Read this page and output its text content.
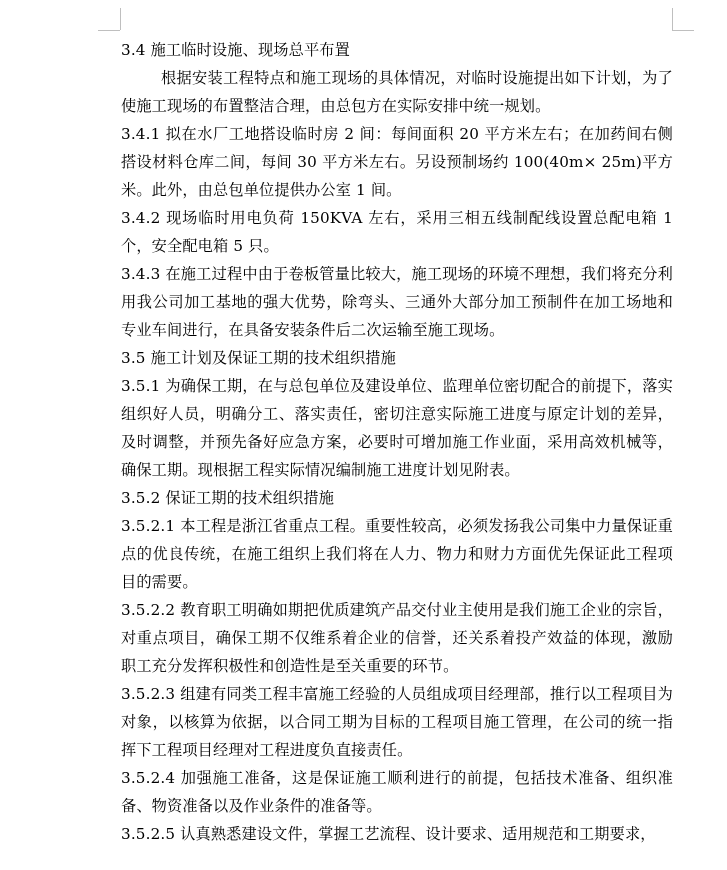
3.4 施工临时设施、现场总平布置

根据安装工程特点和施工现场的具体情况，对临时设施提出如下计划，为了使施工现场的布置整洁合理，由总包方在实际安排中统一规划。

3.4.1 拟在水厂工地搭设临时房 2 间：每间面积 20 平方米左右；在加药间右侧搭设材料仓库二间，每间 30 平方米左右。另设预制场约 100(40m× 25m)平方米。此外，由总包单位提供办公室 1 间。

3.4.2 现场临时用电负荷 150KVA 左右，采用三相五线制配线设置总配电箱 1 个，安全配电箱 5 只。

3.4.3 在施工过程中由于卷板管量比较大，施工现场的环境不理想，我们将充分利用我公司加工基地的强大优势，除弯头、三通外大部分加工预制件在加工场地和专业车间进行，在具备安装条件后二次运输至施工现场。

3.5 施工计划及保证工期的技术组织措施

3.5.1 为确保工期，在与总包单位及建设单位、监理单位密切配合的前提下，落实组织好人员，明确分工、落实责任，密切注意实际施工进度与原定计划的差异，及时调整，并预先备好应急方案，必要时可增加施工作业面，采用高效机械等，确保工期。现根据工程实际情况编制施工进度计划见附表。

3.5.2 保证工期的技术组织措施

3.5.2.1 本工程是浙江省重点工程。重要性较高，必须发扬我公司集中力量保证重点的优良传统，在施工组织上我们将在人力、物力和财力方面优先保证此工程项目的需要。

3.5.2.2 教育职工明确如期把优质建筑产品交付业主使用是我们施工企业的宗旨，对重点项目，确保工期不仅维系着企业的信誉，还关系着投产效益的体现，激励职工充分发挥积极性和创造性是至关重要的环节。

3.5.2.3 组建有同类工程丰富施工经验的人员组成项目经理部，推行以工程项目为对象，以核算为依据，以合同工期为目标的工程项目施工管理，在公司的统一指挥下工程项目经理对工程进度负直接责任。

3.5.2.4 加强施工准备，这是保证施工顺利进行的前提，包括技术准备、组织准备、物资准备以及作业条件的准备等。

3.5.2.5 认真熟悉建设文件，掌握工艺流程、设计要求、适用规范和工期要求，
